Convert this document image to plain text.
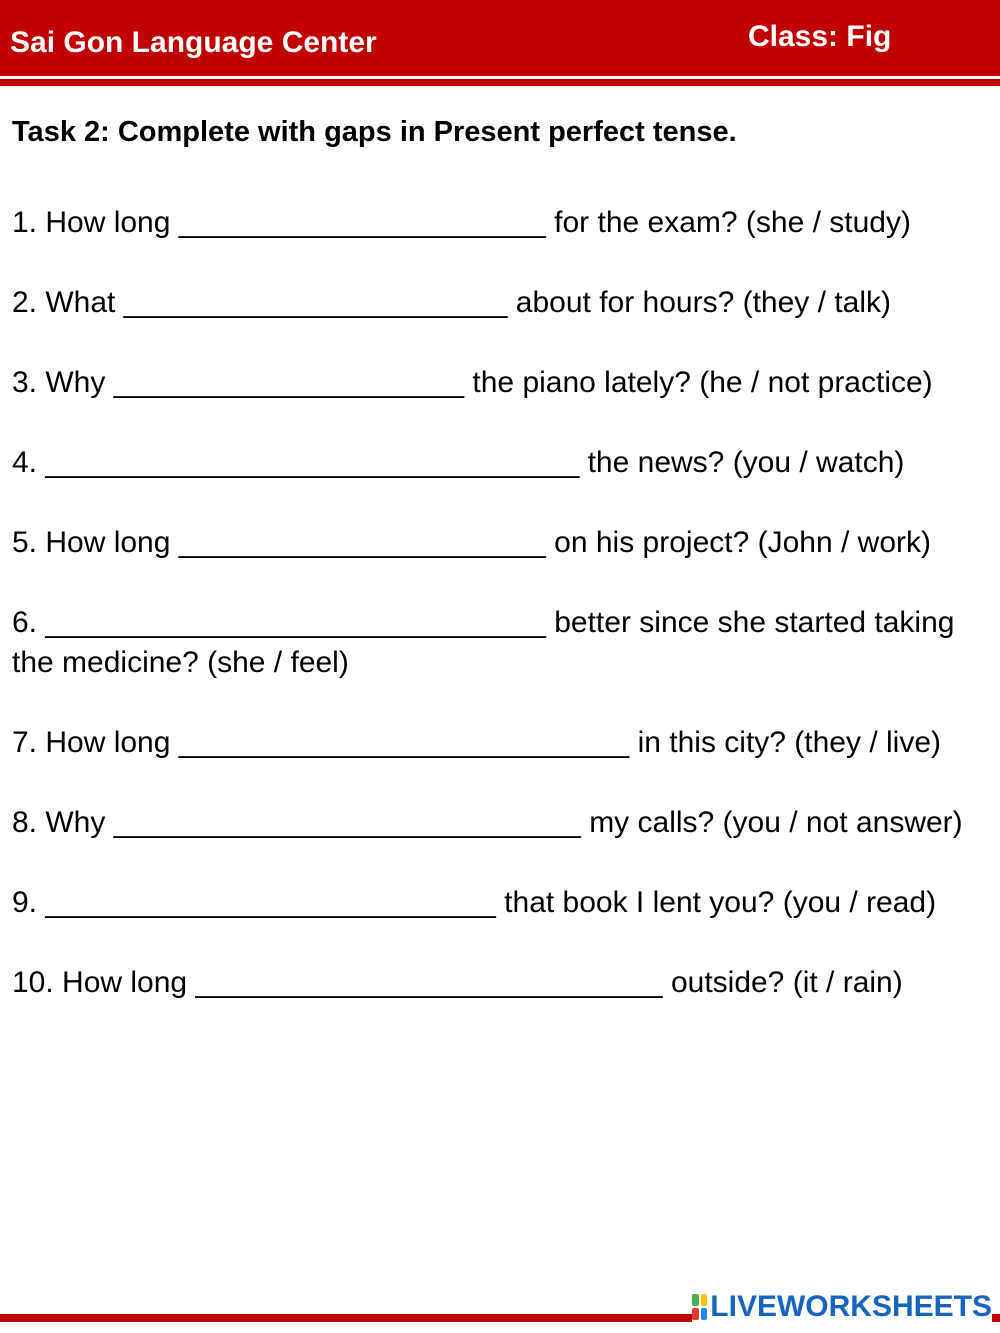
Sai Gon Language Center	Class: Fig
Task 2: Complete with gaps in Present perfect tense.

1. How long ______________________ for the exam? (she / study)

2. What _______________________ about for hours? (they / talk)

3. Why _____________________ the piano lately? (he / not practice)

4. ________________________________ the news? (you / watch)

5. How long ______________________ on his project? (John / work)

6. ______________________________ better since she started taking the medicine? (she / feel)

7. How long ___________________________ in this city? (they / live)

8. Why ____________________________ my calls? (you / not answer)

9. ___________________________ that book I lent you? (you / read)

10. How long ____________________________ outside? (it / rain)

LIVEWORKSHEETS
